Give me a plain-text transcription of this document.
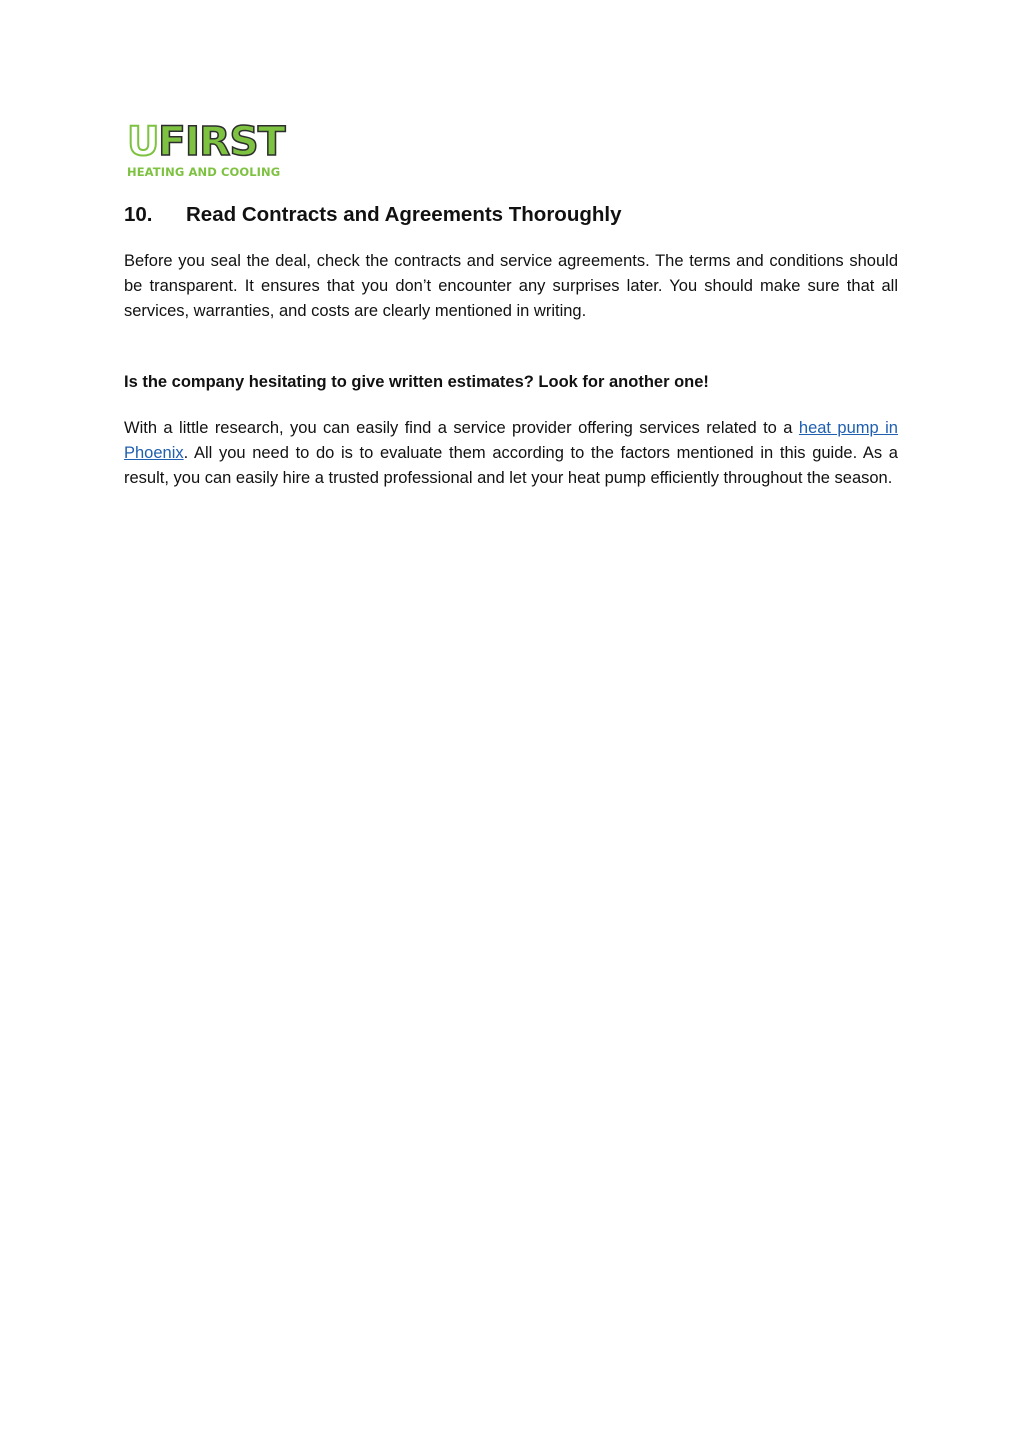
U FIRST
HEATING AND COOLING
10.	Read Contracts and Agreements Thoroughly

Before you seal the deal, check the contracts and service agreements. The terms and conditions should be transparent. It ensures that you don’t encounter any surprises later. You should make sure that all services, warranties, and costs are clearly mentioned in writing.

Is the company hesitating to give written estimates? Look for another one!

With a little research, you can easily find a service provider offering services related to a heat pump in Phoenix. All you need to do is to evaluate them according to the factors mentioned in this guide. As a result, you can easily hire a trusted professional and let your heat pump efficiently throughout the season.
